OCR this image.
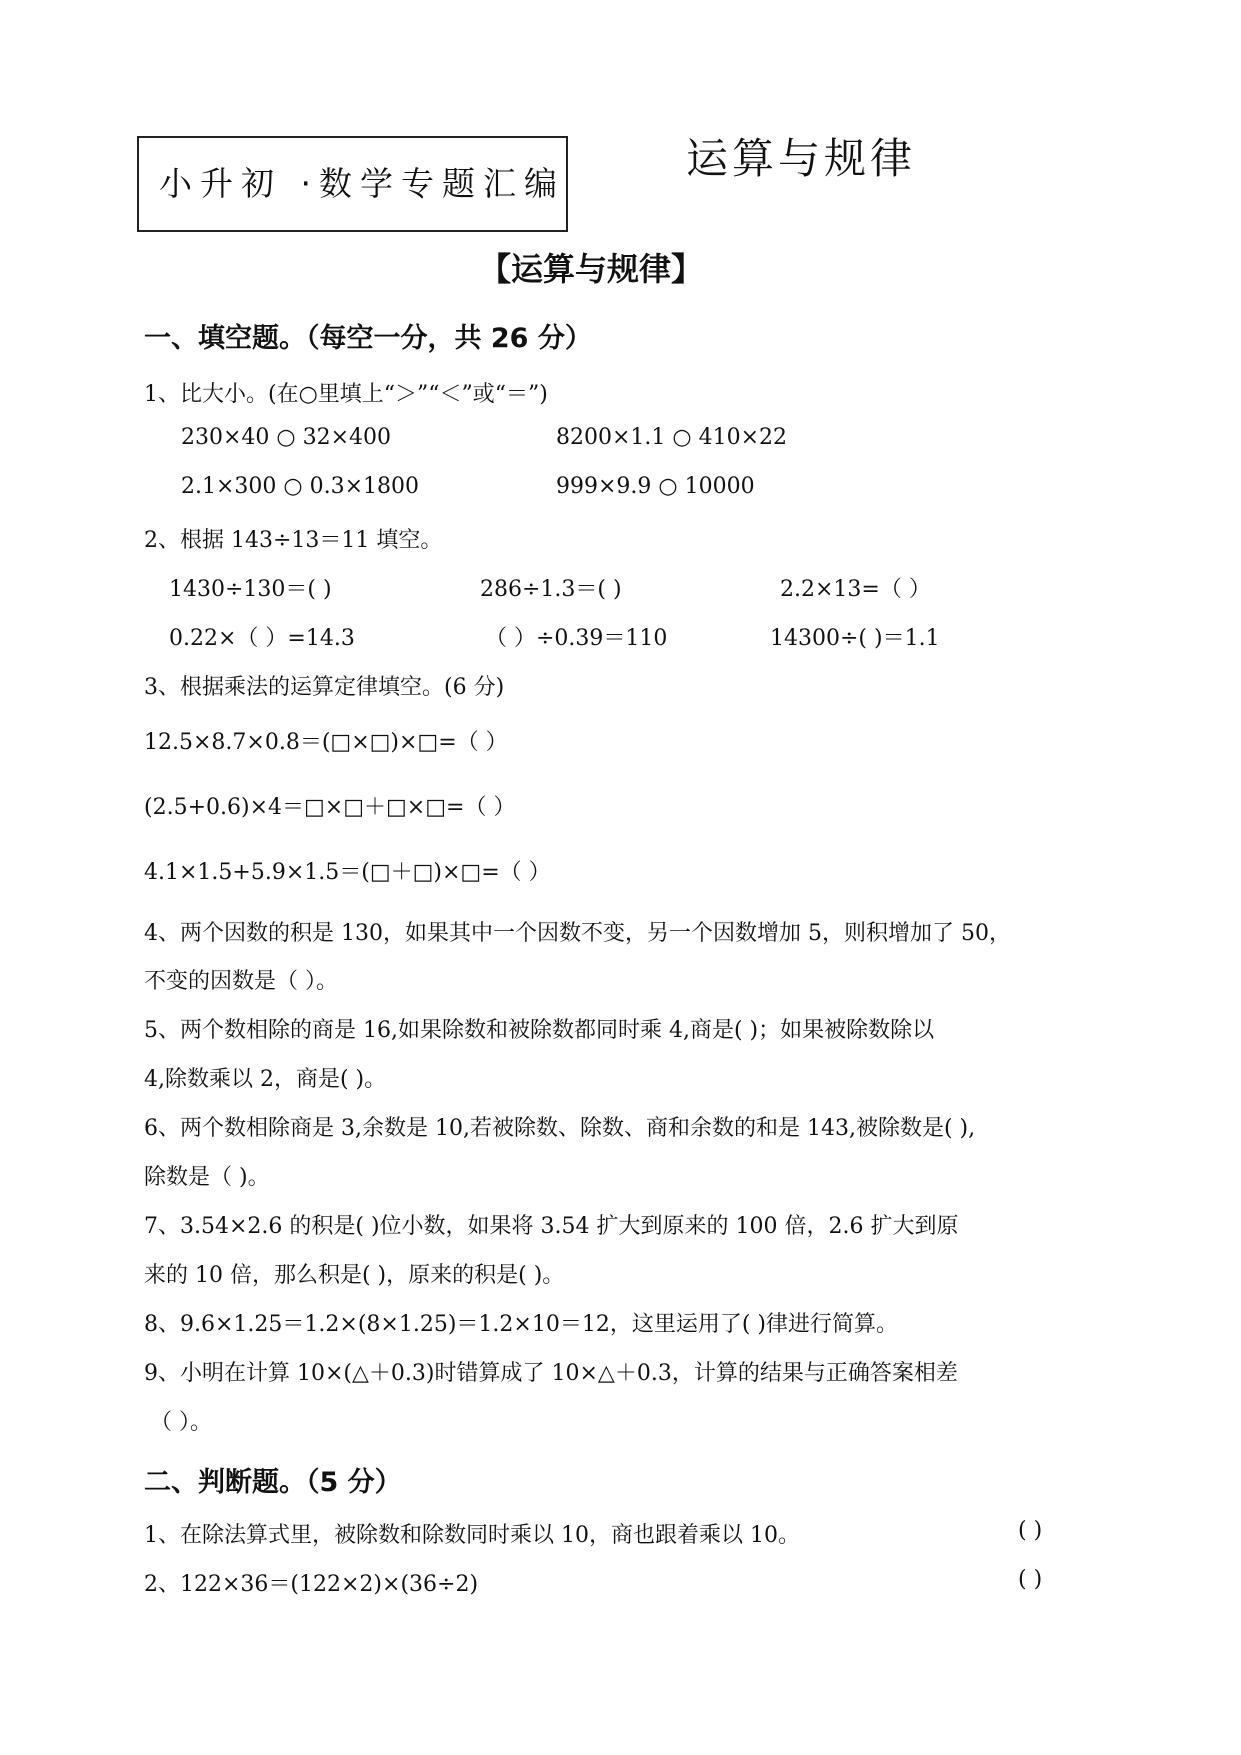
小升初 ·数学专题汇编
运算与规律
【运算与规律】
一、填空题。（每空一分，共 26 分）
1、比大小。(在○里填上“＞”“＜”或“＝”)
230×40 ○ 32×400	8200×1.1 ○ 410×22
2.1×300 ○ 0.3×1800	999×9.9 ○ 10000
2、根据 143÷13＝11 填空。
1430÷130＝( )	286÷1.3＝( )	2.2×13=（ ）
0.22×（ ）=14.3	（ ）÷0.39＝110	14300÷( )＝1.1
3、根据乘法的运算定律填空。(6 分)
12.5×8.7×0.8＝(□×□)×□=（ ）
(2.5+0.6)×4＝□×□＋□×□=（ ）
4.1×1.5+5.9×1.5＝(□＋□)×□=（ ）
4、两个因数的积是 130，如果其中一个因数不变，另一个因数增加 5，则积增加了 50，
不变的因数是（ ）。
5、两个数相除的商是 16,如果除数和被除数都同时乘 4,商是( )；如果被除数除以
4,除数乘以 2，商是( )。
6、两个数相除商是 3,余数是 10,若被除数、除数、商和余数的和是 143,被除数是( ),
除数是（ )。
7、3.54×2.6 的积是( )位小数，如果将 3.54 扩大到原来的 100 倍，2.6 扩大到原
来的 10 倍，那么积是( )，原来的积是( )。
8、9.6×1.25＝1.2×(8×1.25)＝1.2×10＝12，这里运用了( )律进行简算。
9、小明在计算 10×(△＋0.3)时错算成了 10×△＋0.3，计算的结果与正确答案相差
（ ）。
二、判断题。（5 分）
1、在除法算式里，被除数和除数同时乘以 10，商也跟着乘以 10。	( )
2、122×36＝(122×2)×(36÷2)	( )
